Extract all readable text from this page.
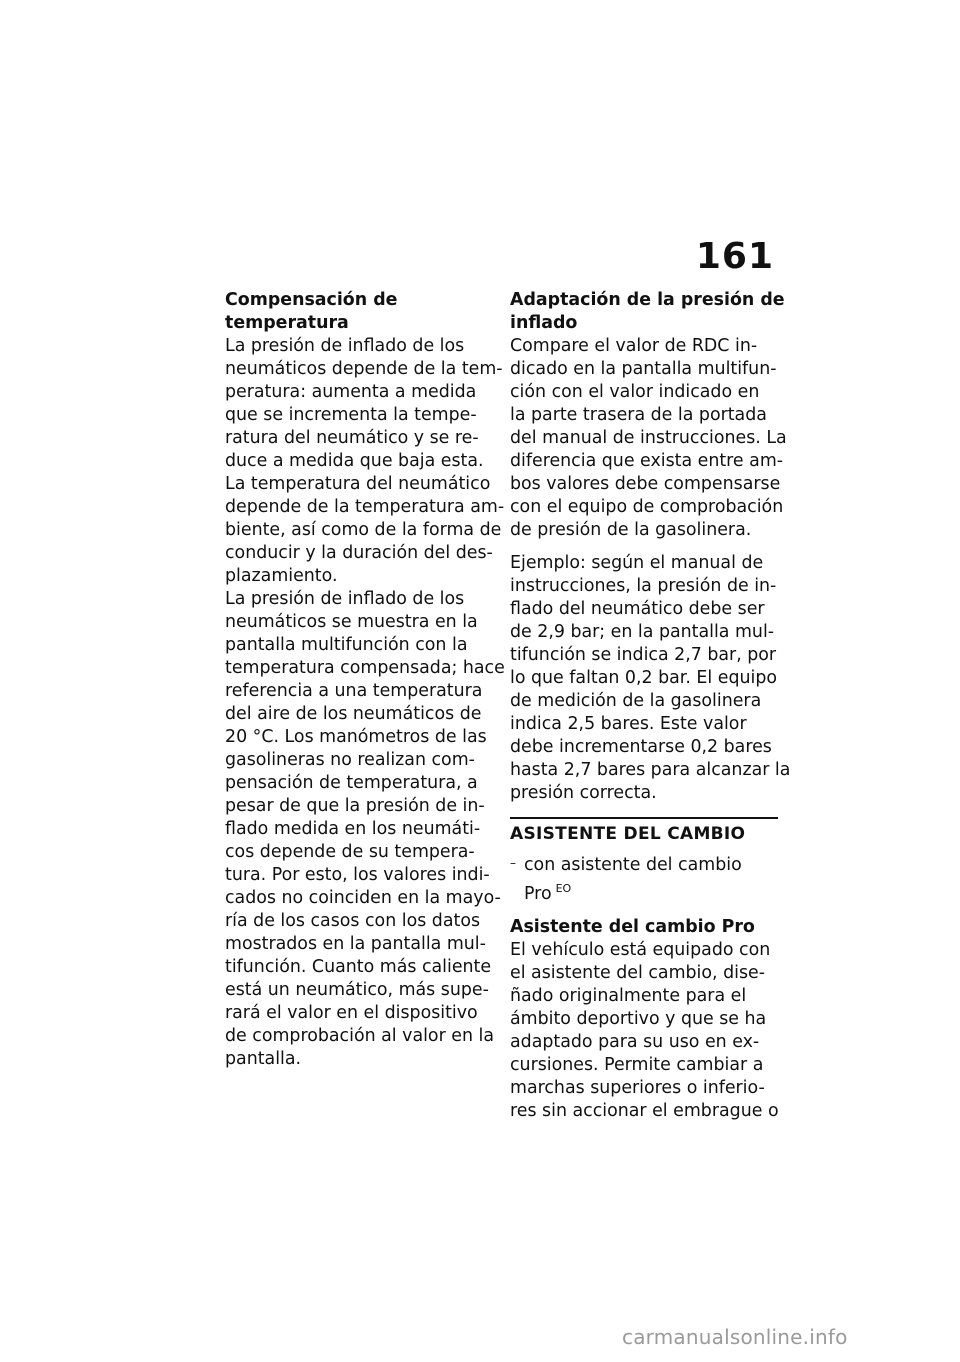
161
Compensación de
temperatura
La presión de inflado de los
neumáticos depende de la tem-
peratura: aumenta a medida
que se incrementa la tempe-
ratura del neumático y se re-
duce a medida que baja esta.
La temperatura del neumático
depende de la temperatura am-
biente, así como de la forma de
conducir y la duración del des-
plazamiento.
La presión de inflado de los
neumáticos se muestra en la
pantalla multifunción con la
temperatura compensada; hace
referencia a una temperatura
del aire de los neumáticos de
20 °C. Los manómetros de las
gasolineras no realizan com-
pensación de temperatura, a
pesar de que la presión de in-
flado medida en los neumáti-
cos depende de su tempera-
tura. Por esto, los valores indi-
cados no coinciden en la mayo-
ría de los casos con los datos
mostrados en la pantalla mul-
tifunción. Cuanto más caliente
está un neumático, más supe-
rará el valor en el dispositivo
de comprobación al valor en la
pantalla.
Adaptación de la presión de
inflado
Compare el valor de RDC in-
dicado en la pantalla multifun-
ción con el valor indicado en
la parte trasera de la portada
del manual de instrucciones. La
diferencia que exista entre am-
bos valores debe compensarse
con el equipo de comprobación
de presión de la gasolinera.
Ejemplo: según el manual de
instrucciones, la presión de in-
flado del neumático debe ser
de 2,9 bar; en la pantalla mul-
tifunción se indica 2,7 bar, por
lo que faltan 0,2 bar. El equipo
de medición de la gasolinera
indica 2,5 bares. Este valor
debe incrementarse 0,2 bares
hasta 2,7 bares para alcanzar la
presión correcta.
ASISTENTE DEL CAMBIO
– con asistente del cambio
Pro $^{EO}$
Asistente del cambio Pro
El vehículo está equipado con
el asistente del cambio, dise-
ñado originalmente para el
ámbito deportivo y que se ha
adaptado para su uso en ex-
cursiones. Permite cambiar a
marchas superiores o inferio-
res sin accionar el embrague o
carmanualsonline.info
